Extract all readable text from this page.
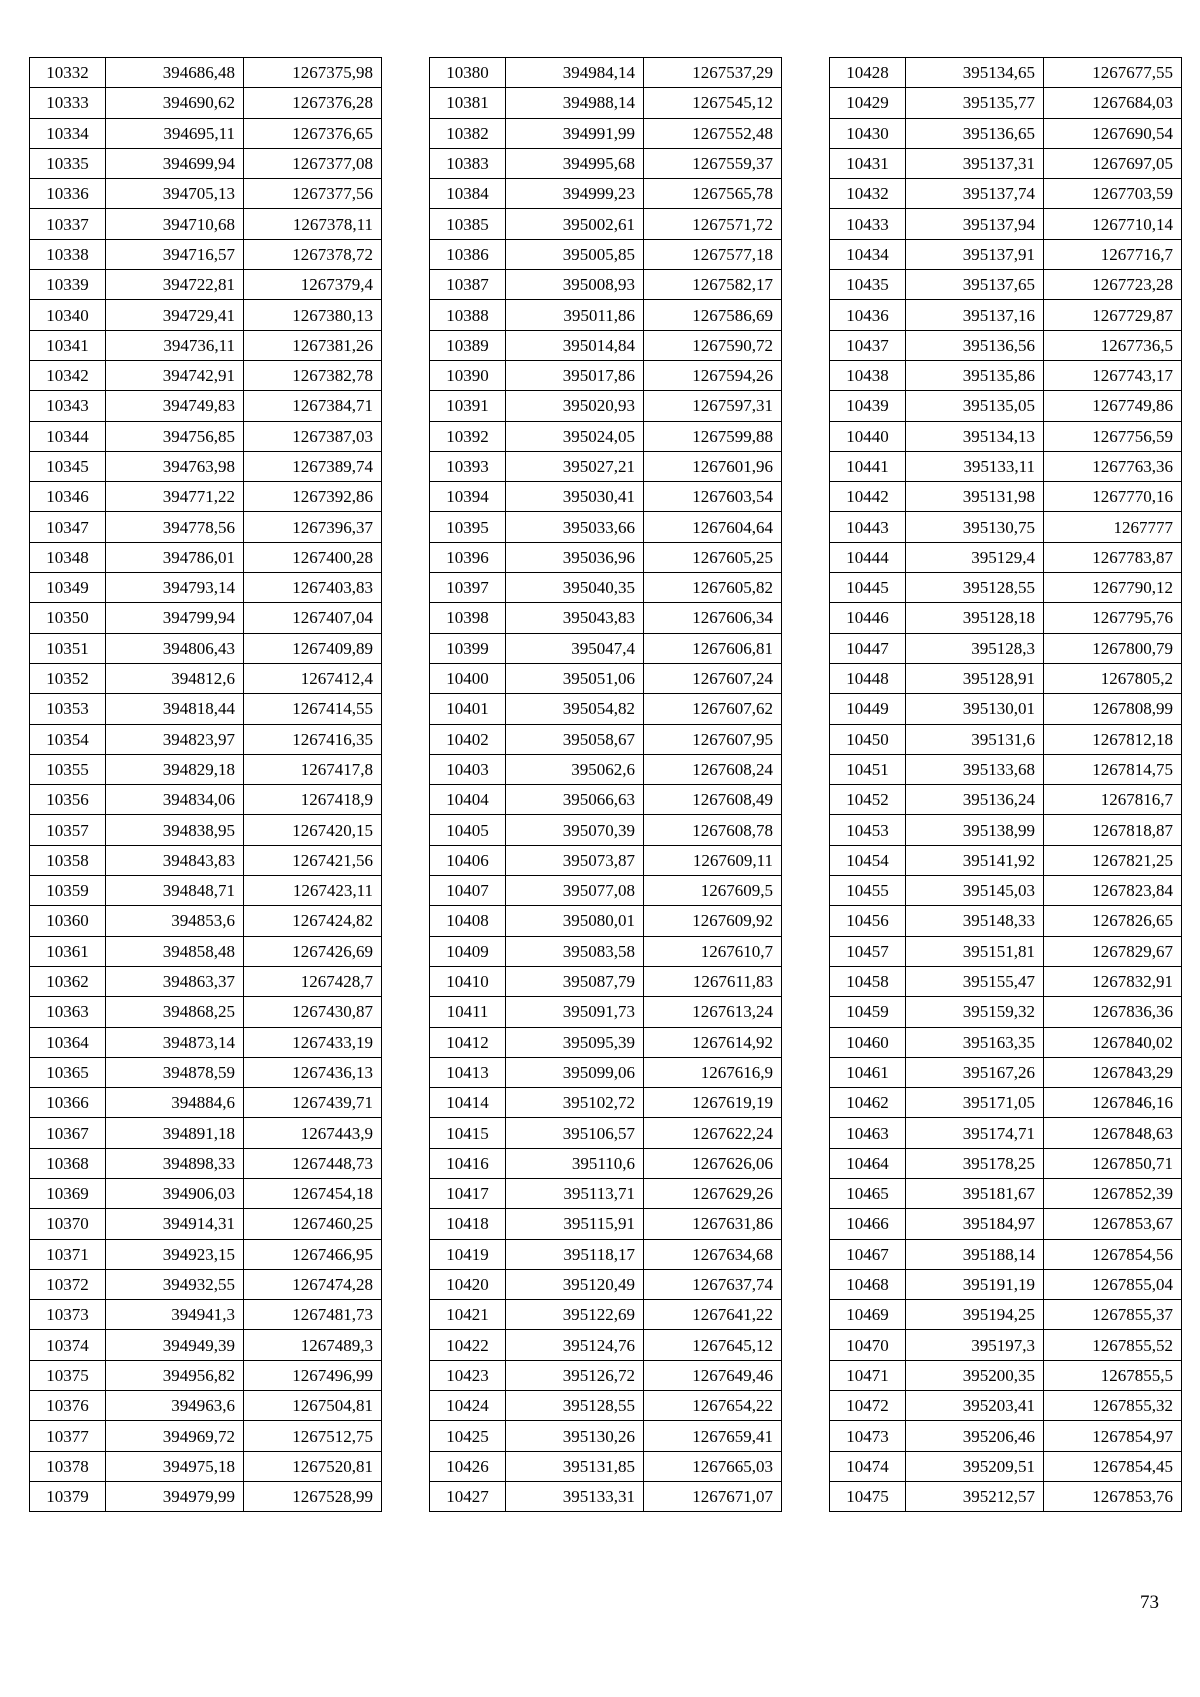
10332	394686,48	1267375,98
10333	394690,62	1267376,28
10334	394695,11	1267376,65
10335	394699,94	1267377,08
10336	394705,13	1267377,56
10337	394710,68	1267378,11
10338	394716,57	1267378,72
10339	394722,81	1267379,4
10340	394729,41	1267380,13
10341	394736,11	1267381,26
10342	394742,91	1267382,78
10343	394749,83	1267384,71
10344	394756,85	1267387,03
10345	394763,98	1267389,74
10346	394771,22	1267392,86
10347	394778,56	1267396,37
10348	394786,01	1267400,28
10349	394793,14	1267403,83
10350	394799,94	1267407,04
10351	394806,43	1267409,89
10352	394812,6	1267412,4
10353	394818,44	1267414,55
10354	394823,97	1267416,35
10355	394829,18	1267417,8
10356	394834,06	1267418,9
10357	394838,95	1267420,15
10358	394843,83	1267421,56
10359	394848,71	1267423,11
10360	394853,6	1267424,82
10361	394858,48	1267426,69
10362	394863,37	1267428,7
10363	394868,25	1267430,87
10364	394873,14	1267433,19
10365	394878,59	1267436,13
10366	394884,6	1267439,71
10367	394891,18	1267443,9
10368	394898,33	1267448,73
10369	394906,03	1267454,18
10370	394914,31	1267460,25
10371	394923,15	1267466,95
10372	394932,55	1267474,28
10373	394941,3	1267481,73
10374	394949,39	1267489,3
10375	394956,82	1267496,99
10376	394963,6	1267504,81
10377	394969,72	1267512,75
10378	394975,18	1267520,81
10379	394979,99	1267528,99
10380	394984,14	1267537,29
10381	394988,14	1267545,12
10382	394991,99	1267552,48
10383	394995,68	1267559,37
10384	394999,23	1267565,78
10385	395002,61	1267571,72
10386	395005,85	1267577,18
10387	395008,93	1267582,17
10388	395011,86	1267586,69
10389	395014,84	1267590,72
10390	395017,86	1267594,26
10391	395020,93	1267597,31
10392	395024,05	1267599,88
10393	395027,21	1267601,96
10394	395030,41	1267603,54
10395	395033,66	1267604,64
10396	395036,96	1267605,25
10397	395040,35	1267605,82
10398	395043,83	1267606,34
10399	395047,4	1267606,81
10400	395051,06	1267607,24
10401	395054,82	1267607,62
10402	395058,67	1267607,95
10403	395062,6	1267608,24
10404	395066,63	1267608,49
10405	395070,39	1267608,78
10406	395073,87	1267609,11
10407	395077,08	1267609,5
10408	395080,01	1267609,92
10409	395083,58	1267610,7
10410	395087,79	1267611,83
10411	395091,73	1267613,24
10412	395095,39	1267614,92
10413	395099,06	1267616,9
10414	395102,72	1267619,19
10415	395106,57	1267622,24
10416	395110,6	1267626,06
10417	395113,71	1267629,26
10418	395115,91	1267631,86
10419	395118,17	1267634,68
10420	395120,49	1267637,74
10421	395122,69	1267641,22
10422	395124,76	1267645,12
10423	395126,72	1267649,46
10424	395128,55	1267654,22
10425	395130,26	1267659,41
10426	395131,85	1267665,03
10427	395133,31	1267671,07
10428	395134,65	1267677,55
10429	395135,77	1267684,03
10430	395136,65	1267690,54
10431	395137,31	1267697,05
10432	395137,74	1267703,59
10433	395137,94	1267710,14
10434	395137,91	1267716,7
10435	395137,65	1267723,28
10436	395137,16	1267729,87
10437	395136,56	1267736,5
10438	395135,86	1267743,17
10439	395135,05	1267749,86
10440	395134,13	1267756,59
10441	395133,11	1267763,36
10442	395131,98	1267770,16
10443	395130,75	1267777
10444	395129,4	1267783,87
10445	395128,55	1267790,12
10446	395128,18	1267795,76
10447	395128,3	1267800,79
10448	395128,91	1267805,2
10449	395130,01	1267808,99
10450	395131,6	1267812,18
10451	395133,68	1267814,75
10452	395136,24	1267816,7
10453	395138,99	1267818,87
10454	395141,92	1267821,25
10455	395145,03	1267823,84
10456	395148,33	1267826,65
10457	395151,81	1267829,67
10458	395155,47	1267832,91
10459	395159,32	1267836,36
10460	395163,35	1267840,02
10461	395167,26	1267843,29
10462	395171,05	1267846,16
10463	395174,71	1267848,63
10464	395178,25	1267850,71
10465	395181,67	1267852,39
10466	395184,97	1267853,67
10467	395188,14	1267854,56
10468	395191,19	1267855,04
10469	395194,25	1267855,37
10470	395197,3	1267855,52
10471	395200,35	1267855,5
10472	395203,41	1267855,32
10473	395206,46	1267854,97
10474	395209,51	1267854,45
10475	395212,57	1267853,76
73
